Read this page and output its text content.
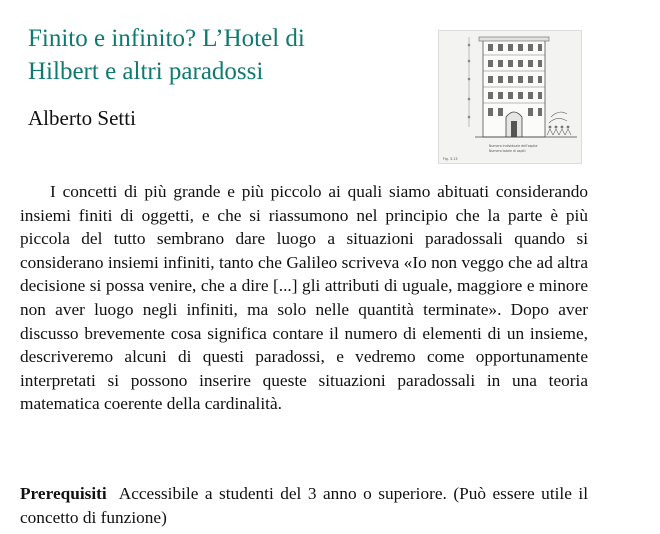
Finito e infinito? L’Hotel di
Hilbert e altri paradossi
Alberto Setti
Numero individuale dell'ospite
Numero totale di ospiti
Fig. 3.13

I concetti di più grande e più piccolo ai quali siamo abituati considerando insiemi finiti di oggetti, e che si riassumono nel principio che la parte è più piccola del tutto sembrano dare luogo a situazioni paradossali quando si considerano insiemi infiniti, tanto che Galileo scriveva «Io non veggo che ad altra decisione si possa venire, che a dire [...] gli attributi di uguale, maggiore e minore non aver luogo negli infiniti, ma solo nelle quantità terminate». Dopo aver discusso brevemente cosa significa contare il numero di elementi di un insieme, descriveremo alcuni di questi paradossi, e vedremo come opportunamente interpretati si possono inserire queste situazioni paradossali in una teoria matematica coerente della cardinalità.

Prerequisiti Accessibile a studenti del 3 anno o superiore. (Può essere utile il concetto di funzione)
